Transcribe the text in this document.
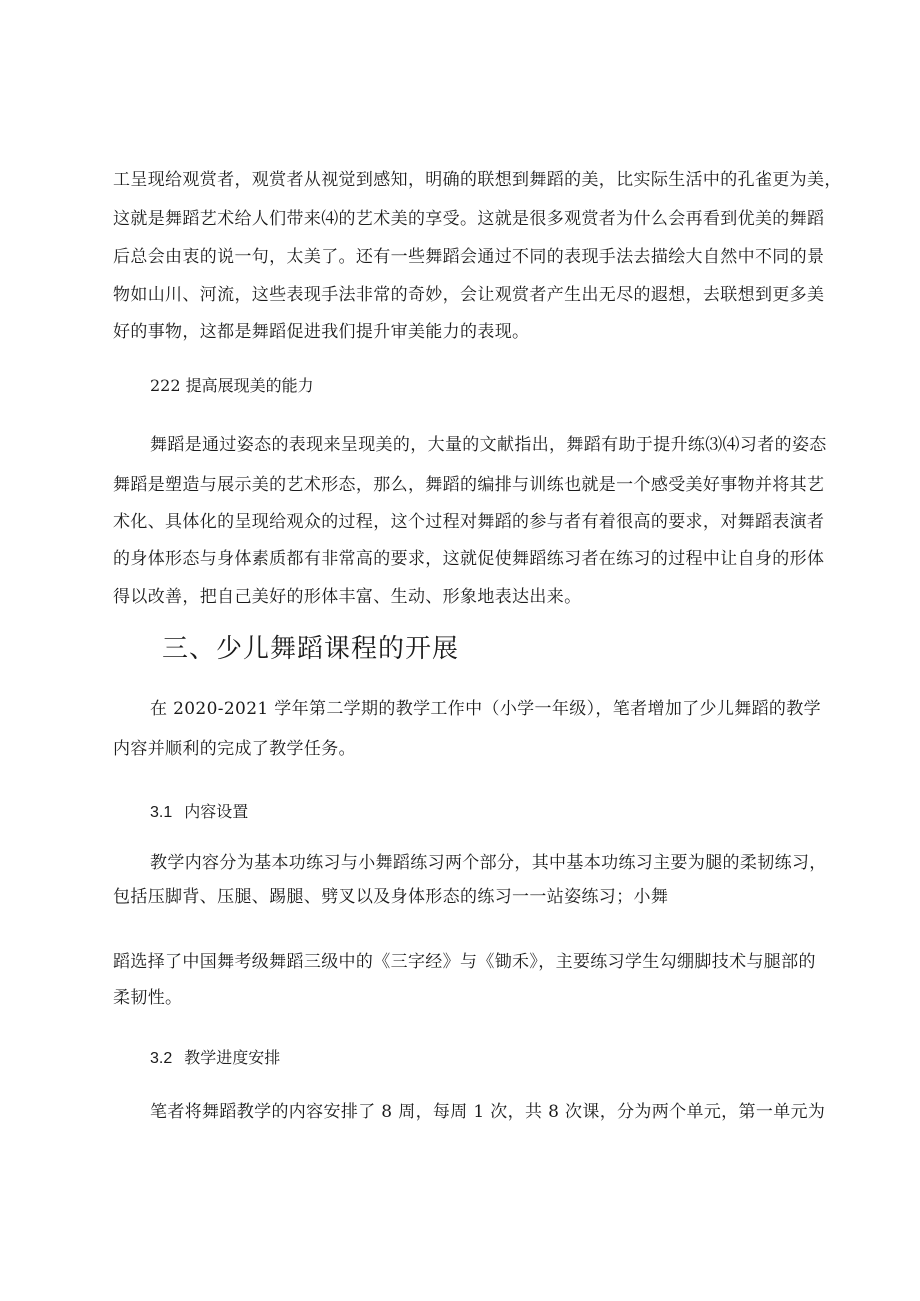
工呈现给观赏者，观赏者从视觉到感知，明确的联想到舞蹈的美，比实际生活中的孔雀更为美，
这就是舞蹈艺术给人们带来⑷的艺术美的享受。这就是很多观赏者为什么会再看到优美的舞蹈
后总会由衷的说一句，太美了。还有一些舞蹈会通过不同的表现手法去描绘大自然中不同的景
物如山川、河流，这些表现手法非常的奇妙，会让观赏者产生出无尽的遐想，去联想到更多美
好的事物，这都是舞蹈促进我们提升审美能力的表现。
222 提高展现美的能力
舞蹈是通过姿态的表现来呈现美的，大量的文献指出，舞蹈有助于提升练⑶⑷习者的姿态
舞蹈是塑造与展示美的艺术形态，那么，舞蹈的编排与训练也就是一个感受美好事物并将其艺
术化、具体化的呈现给观众的过程，这个过程对舞蹈的参与者有着很高的要求，对舞蹈表演者
的身体形态与身体素质都有非常高的要求，这就促使舞蹈练习者在练习的过程中让自身的形体
得以改善，把自己美好的形体丰富、生动、形象地表达出来。
三、少儿舞蹈课程的开展
在 2020-2021 学年第二学期的教学工作中（小学一年级），笔者增加了少儿舞蹈的教学
内容并顺利的完成了教学任务。
3.1 内容设置
教学内容分为基本功练习与小舞蹈练习两个部分，其中基本功练习主要为腿的柔韧练习，
包括压脚背、压腿、踢腿、劈叉以及身体形态的练习一一站姿练习；小舞
蹈选择了中国舞考级舞蹈三级中的《三字经》与《锄禾》，主要练习学生勾绷脚技术与腿部的
柔韧性。
3.2 教学进度安排
笔者将舞蹈教学的内容安排了 8 周，每周 1 次，共 8 次课，分为两个单元，第一单元为
